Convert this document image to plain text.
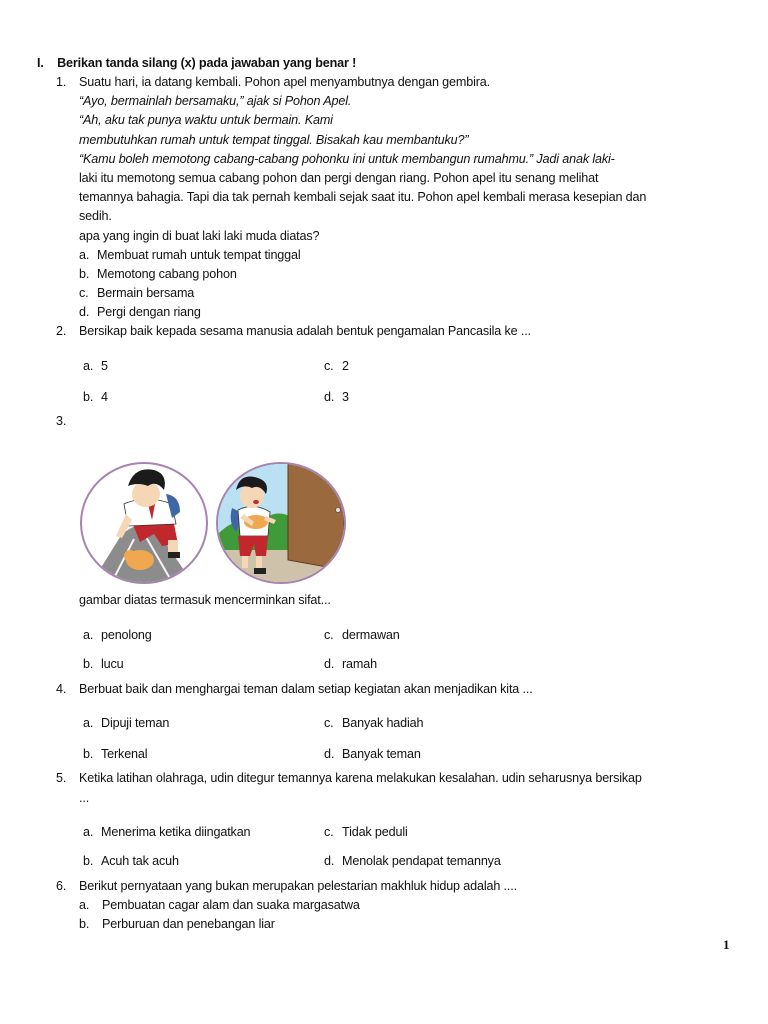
I. Berikan tanda silang (x) pada jawaban yang benar !
1. Suatu hari, ia datang kembali. Pohon apel menyambutnya dengan gembira.
“Ayo, bermainlah bersamaku,” ajak si Pohon Apel.
“Ah, aku tak punya waktu untuk bermain. Kami
membutuhkan rumah untuk tempat tinggal. Bisakah kau membantuku?”
“Kamu boleh memotong cabang-cabang pohonku ini untuk membangun rumahmu.” Jadi anak laki-
laki itu memotong semua cabang pohon dan pergi dengan riang. Pohon apel itu senang melihat
temannya bahagia. Tapi dia tak pernah kembali sejak saat itu. Pohon apel kembali merasa kesepian dan
sedih.
apa yang ingin di buat laki laki muda diatas?
a. Membuat rumah untuk tempat tinggal
b. Memotong cabang pohon
c. Bermain bersama
d. Pergi dengan riang
2. Bersikap baik kepada sesama manusia adalah bentuk pengamalan Pancasila ke ...
a. 5
b. 4
c. 2
d. 3
3.
gambar diatas termasuk mencerminkan sifat...
a. penolong
b. lucu
c. dermawan
d. ramah
4. Berbuat baik dan menghargai teman dalam setiap kegiatan akan menjadikan kita ...
a. Dipuji teman
b. Terkenal
c. Banyak hadiah
d. Banyak teman
5. Ketika latihan olahraga, udin ditegur temannya karena melakukan kesalahan. udin seharusnya bersikap
...
a. Menerima ketika diingatkan
b. Acuh tak acuh
c. Tidak peduli
d. Menolak pendapat temannya
6. Berikut pernyataan yang bukan merupakan pelestarian makhluk hidup adalah ....
a. Pembuatan cagar alam dan suaka margasatwa
b. Perburuan dan penebangan liar
1
